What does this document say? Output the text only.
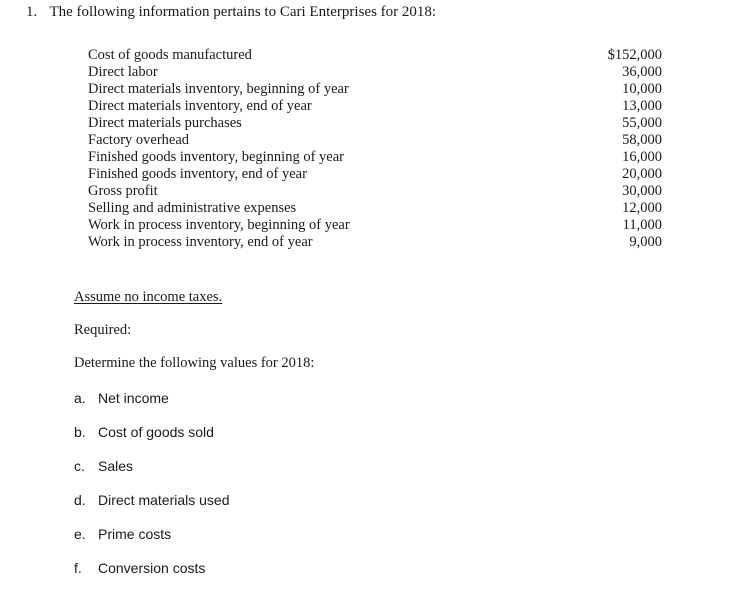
1. The following information pertains to Cari Enterprises for 2018:
Cost of goods manufactured	$152,000
Direct labor	36,000
Direct materials inventory, beginning of year	10,000
Direct materials inventory, end of year	13,000
Direct materials purchases	55,000
Factory overhead	58,000
Finished goods inventory, beginning of year	16,000
Finished goods inventory, end of year	20,000
Gross profit	30,000
Selling and administrative expenses	12,000
Work in process inventory, beginning of year	11,000
Work in process inventory, end of year	9,000
Assume no income taxes.
Required:
Determine the following values for 2018:
a. Net income
b. Cost of goods sold
c. Sales
d. Direct materials used
e. Prime costs
f. Conversion costs
